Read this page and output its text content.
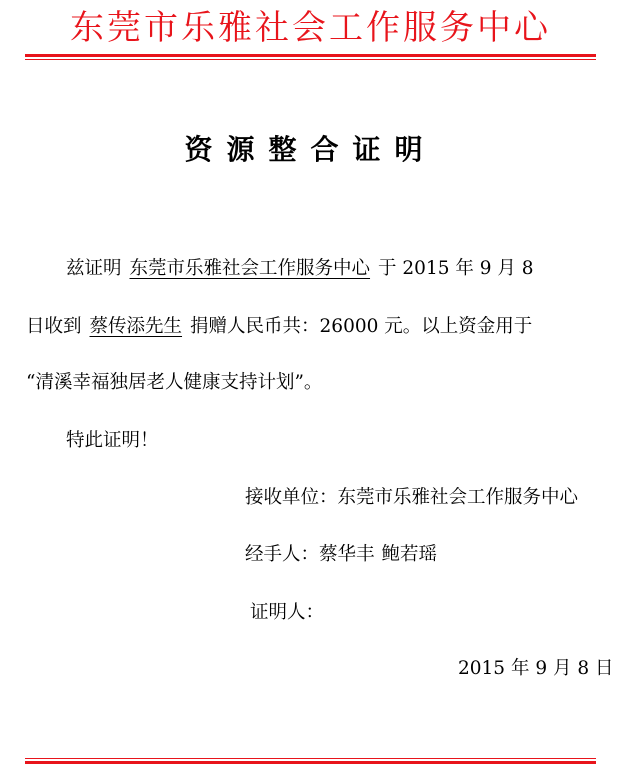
东莞市乐雅社会工作服务中心
资源整合证明
兹证明 东莞市乐雅社会工作服务中心 于 2015 年 9 月 8
日收到 蔡传添先生 捐赠人民币共：26000 元。以上资金用于
“清溪幸福独居老人健康支持计划”。
特此证明！
接收单位：东莞市乐雅社会工作服务中心
经手人：蔡华丰 鲍若瑶
证明人：
2015 年 9 月 8 日
